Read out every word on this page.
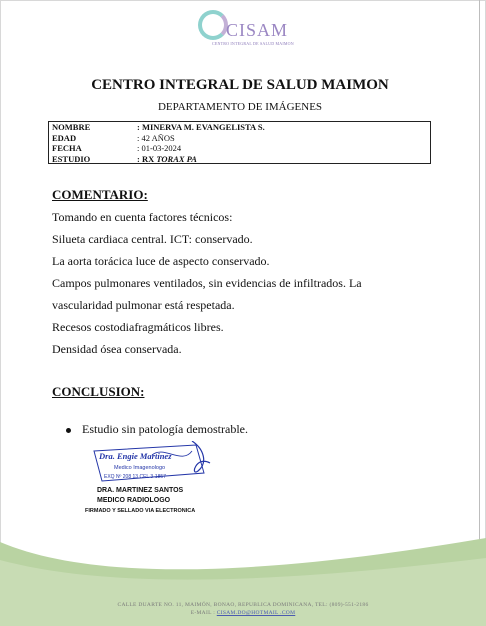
CISAM
CENTRO INTEGRAL DE SALUD MAIMON
CENTRO INTEGRAL DE SALUD MAIMON
DEPARTAMENTO DE IMÁGENES
NOMBRE	: MINERVA M. EVANGELISTA S.
EDAD	: 42 AÑOS
FECHA	: 01-03-2024
ESTUDIO	: RX TORAX PA
COMENTARIO:
Tomando en cuenta factores técnicos:
Silueta cardiaca central. ICT: conservado.
La aorta torácica luce de aspecto conservado.
Campos pulmonares ventilados, sin evidencias de infiltrados. La
vascularidad pulmonar está respetada.
Recesos costodiafragmáticos libres.
Densidad ósea conservada.
CONCLUSION:
Estudio sin patología demostrable.
Dra. Engie Martinez
Medico Imagenologo
EXQ Nº 208 13 CEL 3-1857
DRA. MARTINEZ SANTOS
MEDICO RADIOLOGO
FIRMADO Y SELLADO VIA ELECTRONICA
CALLE DUARTE NO. 11, MAIMÓN, BONAO, REPUBLICA DOMINICANA, TEL: (809)-551-2186
E-MAIL : CISAM.DO@HOTMAIL .COM
